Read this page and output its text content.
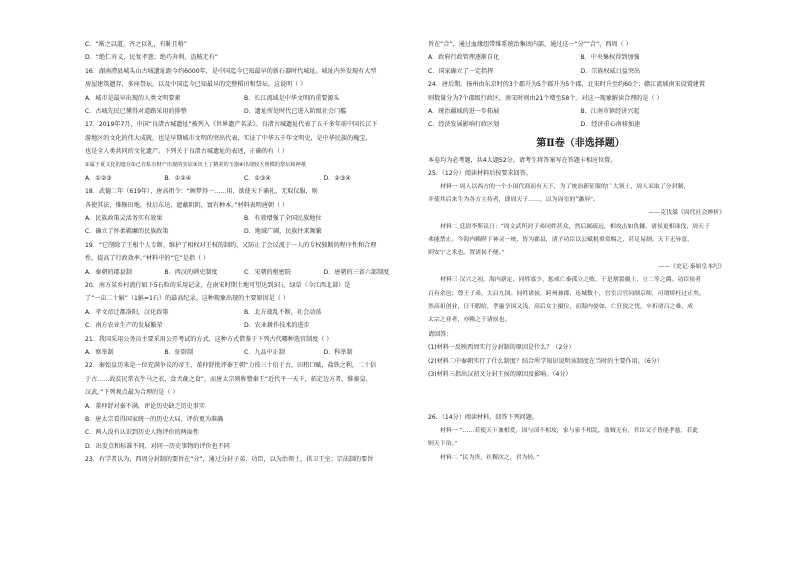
C．“渐之以道，齐之以礼，有耻且格”
D．“绝仁弃义，民复孝慈；绝巧弃利，盗贼无有”
16．湖南澧县城头山古城遗址距今约6000年，是中国迄今已知最早的新石器时代城址。城址内外发现有大型
房屋建筑遗存，多座祭坛，以及中国迄今已知最早的完整稻田和祭坛。这说明（ ）
A．城市是最早出现的人类文明要素	B．长江流域是中华文明的重要源头
C．古城先民已懂得对道路采用的排整	D．遗址所处时代已进入阶级社会门槛
17．2019年7月，中国“良渚古城遗址”被列入《世界遗产名录》。良渚古城遗址代表了五千多年前中国长江下
游地区的文化的伟大成就，也是早期城市文明的突出代表，实证了中华五千年文明史，是中华民族的瑰宝，
也是全人类共同的文化遗产。下列关于良渚古城遗址的表述，正确的有（ ）
①属于夏文化的遗存②已有私有财产出现的实证③出土了精美的玉器④出现较大规模的祭坛和神祇
A．①②③	B．①②④	C．①③④	D．②③④
18．武德二年（619年），唐高祖令：“画梦得一……用，欲使天下诵礼，无取仪服，则
各使其法，惟修田地，役启东达，遮蔽阴阴，富有种本。”材料表明唐朝（ ）
A．民族政策灵活务实有效果	B．有效增强了全国民族地位
C．确立了怀柔羁縻的民族政策	D．地域广阔，民族往来频繁
19．“它削除了王相个人专断，维护了相权对王权的制约，又防止了会议流于一人的专权独断的程序性和合理
性，提高了行政效率。”材料中的“它”是指（ ）
A．秦朝的郡县制	B．西汉的刺史制度	C．宋朝的枢密院	D．唐朝的三省六部制度
20．南方某乡村流行如下5石粒的采用记录，在南宋时期土地可望达到3石，绿草（今江西北部）是
了“一亩二十斛”（1斛=1石）的最高纪录。这种现象出现的主要原因是（ ）
A．孝文帝迁都洛阳，汉化政策	B．北方战乱不断，社会动荡
C．南方农业生产的发展繁荣	D．农业耕作技术的进步
21．我国采用公务员主要采用公开考试的方式，这种方式借鉴于下列古代哪种选官制度（ ）
A．察举制	B．征辟制	C．九品中正制	D．科举制
22．秦始皇历来是一位充满争议的帝王，董仲舒批评秦王朝“力役三十倍于古，田租口赋，盐铁之利，二十倍
于古……故贫民常衣牛马之衣，食犬彘之食”，而唐太宗则称赞秦王“近代平一天下，拓定边方者，惟秦皇、
汉武。”下列观点最为合理的是（ ）
A．董仲舒对秦不满，评论历史缺乏历史事实
B．唐太宗看得国家统一的历史大局，评价更为准确
C．两人没有认识到历史人物评价的两面性
D．出发点和标准不同，对同一历史事物的评价也不同
23．有学者认为，西周分封制的要旨在“分”，通过分封子弟、功臣，以为治领土，拱卫王室；宗法制的要旨
旨在“合”，通过血缘纽带维系统治集团内部，通过这一“分”“合”，西周（ ）
A．政府行政管理逐渐自化	B．中央集权得到加强
C．国家确立了一定指挥	D．宗族权威日益突出
24．唐后期，扬州由东京时的3个郡升为5个郡升为5个郡，北宋时升至约60个；赣江流域南宋设置建置
则数量分为7个郡级行政区，南宋时则由21个增至58个。对这一现象解读合理的是（ ）
A．统治疆域的进一步拓展	B．江南市镇经济兴起
C．经济发展影响行政区划	D．经济重心南移加速
第Ⅱ卷（非选择题）
本卷均为必考题，共4大题52分。请考生将答案写在答题卡相应位置。
25．（12分）阅读材料后按要求回答。
材料一 周人以西方的一个小国代商而有天下，为了统治新征服的广大领土，周人采取了分封制，
并使其后来生为各方主持者，即周天子……，以为周室的“藩屏”。
——克伐桀《周代社会辨析》
材料二 廷尉李斯议曰：“周文武所封子弟同姓甚众，然后属疏远，相攻击如仇雠，诸侯更相诛伐，周天子
弗能禁止。今海内赖陛下神灵一统，皆为郡县，诸子功臣以公赋税重赏赐之，甚足易制。天下无异意，
则安宁之术也。置诸侯不便。”
——《史记·秦始皇本纪》
材料三 汉兴之初，海内新定，同姓寡少，惩戒亡秦孤立之败，于是割裂疆土，立二等之爵。功臣侯者
百有余邑；尊王子弟，大启九国。同姓诸侯，跨州兼郡，连城数十，宫室百官同制京师，可谓矫枉过正矣。
然高祖创业，日不暇给，孝惠享国又浅，高后女主摄位，而海内晏如，亡狂狡之忧，卒折诸吕之难，成
太宗之业者，亦赖之于诸侯也。
请回答：
(1)材料一反映西周实行分封制的原因是什么？（2分）
(2)材料二中秦朝实行了什么制度？结合所学知识说明该制度在当时的主要作用。（6分）
(3)材料三指出汉初又分封王侯的原因及影响。（4分）
26．（14分）阅读材料，回答下列问题。
材料一 “……若使天下兼相爱，国与国不相攻，家与家不相乱，盗贼无有，君臣父子皆能孝慈，若此
则天下治。”
材料二 “民为贵，社稷次之，君为轻。”
